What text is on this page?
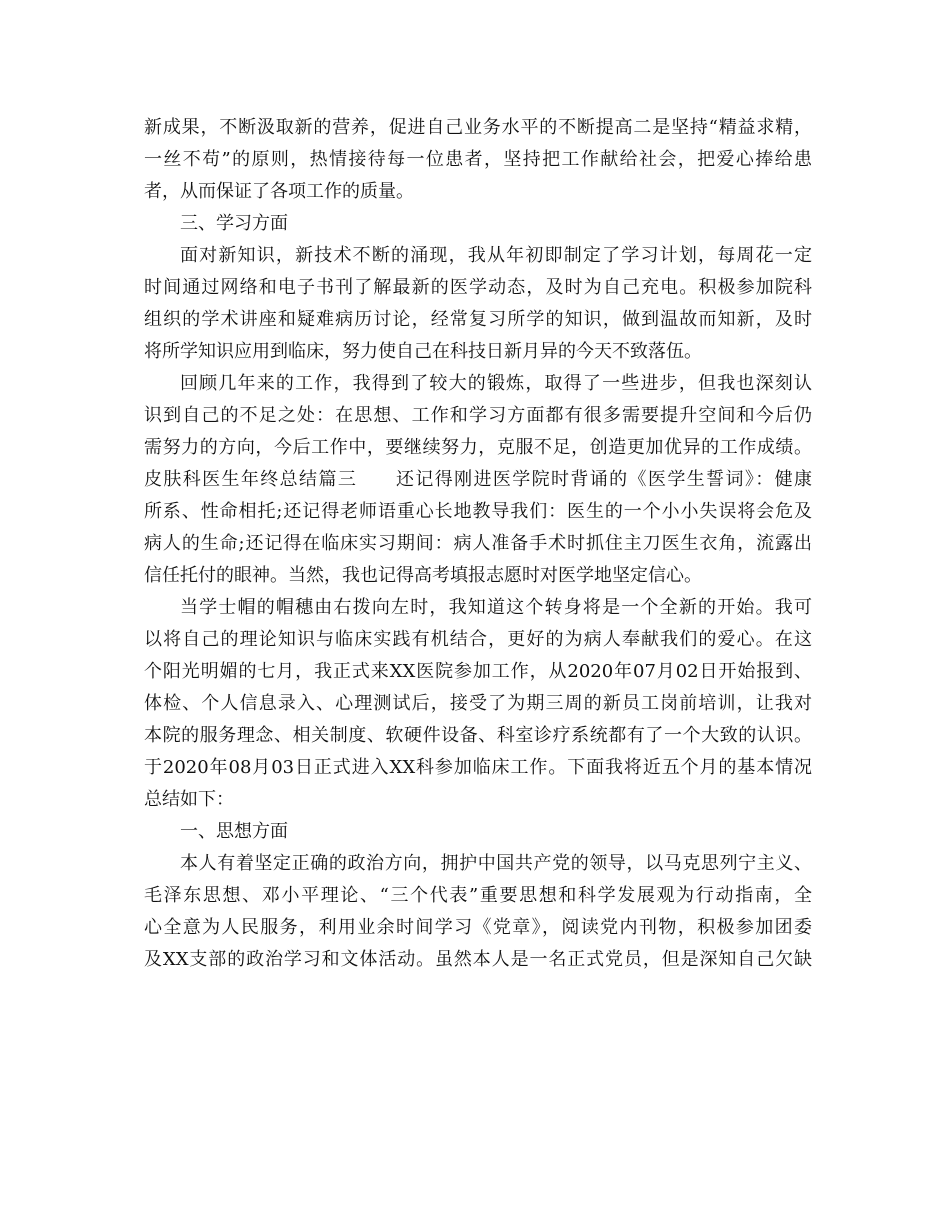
新成果，不断汲取新的营养，促进自己业务水平的不断提高二是坚持“精益求精，
一丝不苟”的原则，热情接待每一位患者，坚持把工作献给社会，把爱心捧给患
者，从而保证了各项工作的质量。
三、学习方面
面对新知识，新技术不断的涌现，我从年初即制定了学习计划，每周花一定
时间通过网络和电子书刊了解最新的医学动态，及时为自己充电。积极参加院科
组织的学术讲座和疑难病历讨论，经常复习所学的知识，做到温故而知新，及时
将所学知识应用到临床，努力使自己在科技日新月异的今天不致落伍。
回顾几年来的工作，我得到了较大的锻炼，取得了一些进步，但我也深刻认
识到自己的不足之处：在思想、工作和学习方面都有很多需要提升空间和今后仍
需努力的方向，今后工作中，要继续努力，克服不足，创造更加优异的工作成绩。
皮肤科医生年终总结篇三　　还记得刚进医学院时背诵的《医学生誓词》：健康
所系、性命相托;还记得老师语重心长地教导我们：医生的一个小小失误将会危及
病人的生命;还记得在临床实习期间：病人准备手术时抓住主刀医生衣角，流露出
信任托付的眼神。当然，我也记得高考填报志愿时对医学地坚定信心。
当学士帽的帽穗由右拨向左时，我知道这个转身将是一个全新的开始。我可
以将自己的理论知识与临床实践有机结合，更好的为病人奉献我们的爱心。在这
个阳光明媚的七月，我正式来XX医院参加工作，从2020年07月02日开始报到、
体检、个人信息录入、心理测试后，接受了为期三周的新员工岗前培训，让我对
本院的服务理念、相关制度、软硬件设备、科室诊疗系统都有了一个大致的认识。
于2020年08月03日正式进入XX科参加临床工作。下面我将近五个月的基本情况
总结如下：
一、思想方面
本人有着坚定正确的政治方向，拥护中国共产党的领导，以马克思列宁主义、
毛泽东思想、邓小平理论、“三个代表”重要思想和科学发展观为行动指南，全
心全意为人民服务，利用业余时间学习《党章》，阅读党内刊物，积极参加团委
及XX支部的政治学习和文体活动。虽然本人是一名正式党员，但是深知自己欠缺
